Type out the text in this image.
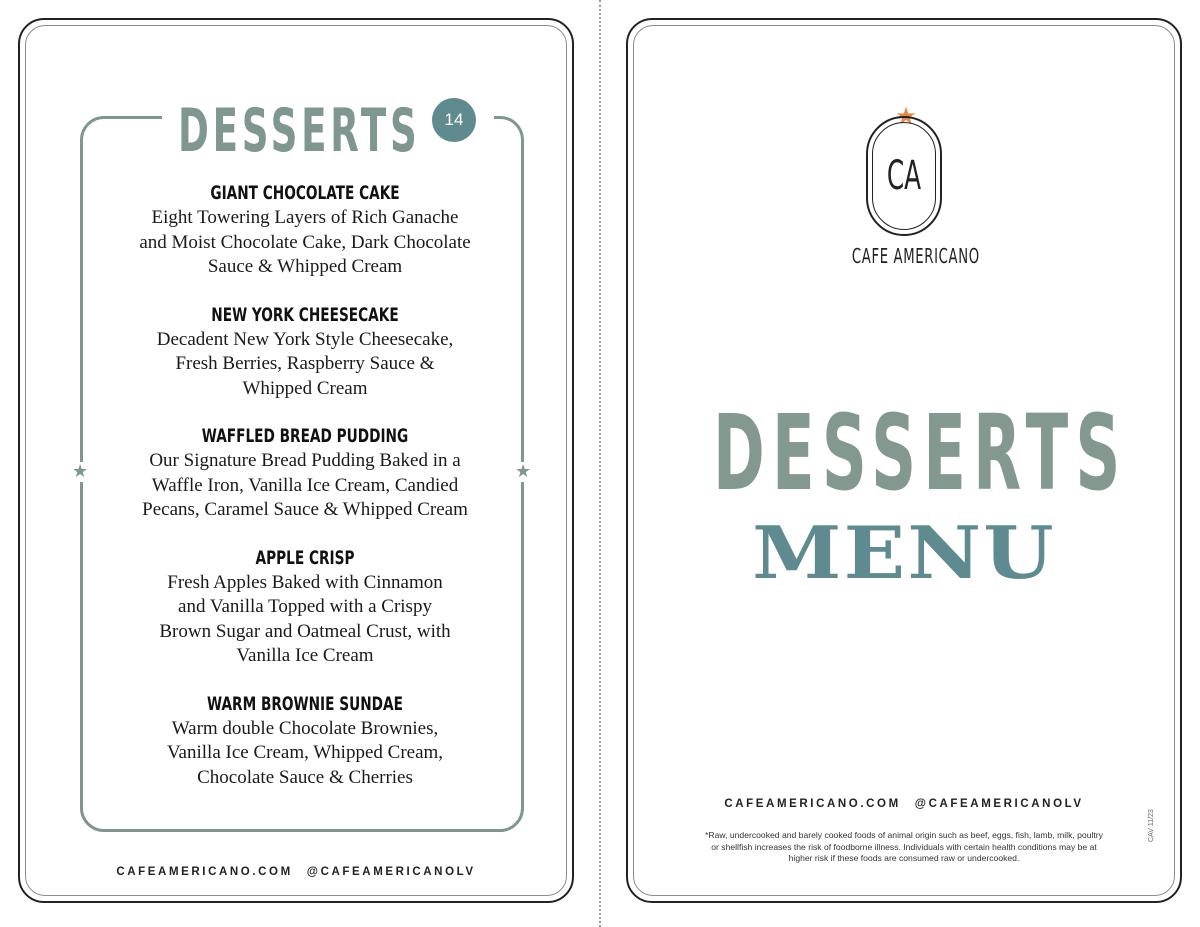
DESSERTS	14
★	★
GIANT CHOCOLATE CAKE
Eight Towering Layers of Rich Ganache
and Moist Chocolate Cake, Dark Chocolate
Sauce & Whipped Cream
NEW YORK CHEESECAKE
Decadent New York Style Cheesecake,
Fresh Berries, Raspberry Sauce &
Whipped Cream
WAFFLED BREAD PUDDING
Our Signature Bread Pudding Baked in a
Waffle Iron, Vanilla Ice Cream, Candied
Pecans, Caramel Sauce & Whipped Cream
APPLE CRISP
Fresh Apples Baked with Cinnamon
and Vanilla Topped with a Crispy
Brown Sugar and Oatmeal Crust, with
Vanilla Ice Cream
WARM BROWNIE SUNDAE
Warm double Chocolate Brownies,
Vanilla Ice Cream, Whipped Cream,
Chocolate Sauce & Cherries
CAFEAMERICANO.COM @CAFEAMERICANOLV
★
CA
CAFE AMERICANO
DESSERTS
MENU
CAFEAMERICANO.COM @CAFEAMERICANOLV
*Raw, undercooked and barely cooked foods of animal origin such as beef, eggs, fish, lamb, milk, poultry
or shellfish increases the risk of foodborne illness. Individuals with certain health conditions may be at
higher risk if these foods are consumed raw or undercooked.
CAV 11/23
